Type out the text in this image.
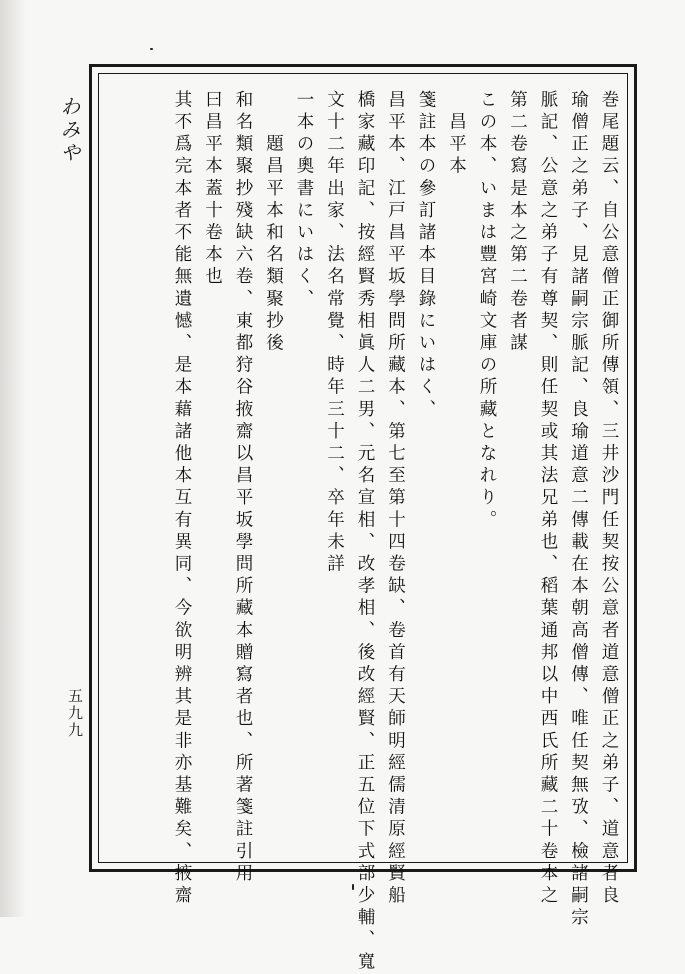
わみや
五九九	巻尾題云、自公意僧正御所傳領、三井沙門任契按公意者道意僧正之弟子、道意者良

瑜僧正之弟子、見諸嗣宗脈記、良瑜道意二傳載在本朝高僧傳、唯任契無攷、檢諸嗣宗

脈記、公意之弟子有尊契、則任契或其法兄弟也、稻葉通邦以中西氏所藏二十卷本之

第二卷寫是本之第二卷者謀

この本、いまは豐宮崎文庫の所藏となれり。

　昌平本

箋註本の參訂諸本目錄にいはく、

昌平本、江戸昌平坂學問所藏本、第七至第十四卷缺、卷首有天師明經儒清原經賢船

橋家藏印記、按經賢秀相眞人二男、元名宣相、改孝相、後改經賢、正五位下式部少輔、寬

文十二年出家、法名常覺、時年三十二、卒年未詳

一本の奧書にいはく、

　　題昌平本和名類聚抄後

和名類聚抄殘缺六卷、東都狩谷掖齋以昌平坂學問所藏本贈寫者也、所著箋註引用

曰昌平本蓋十卷本也

其不爲完本者不能無遺憾、是本藉諸他本互有異同、今欲明辨其是非亦基難矣、掖齋
